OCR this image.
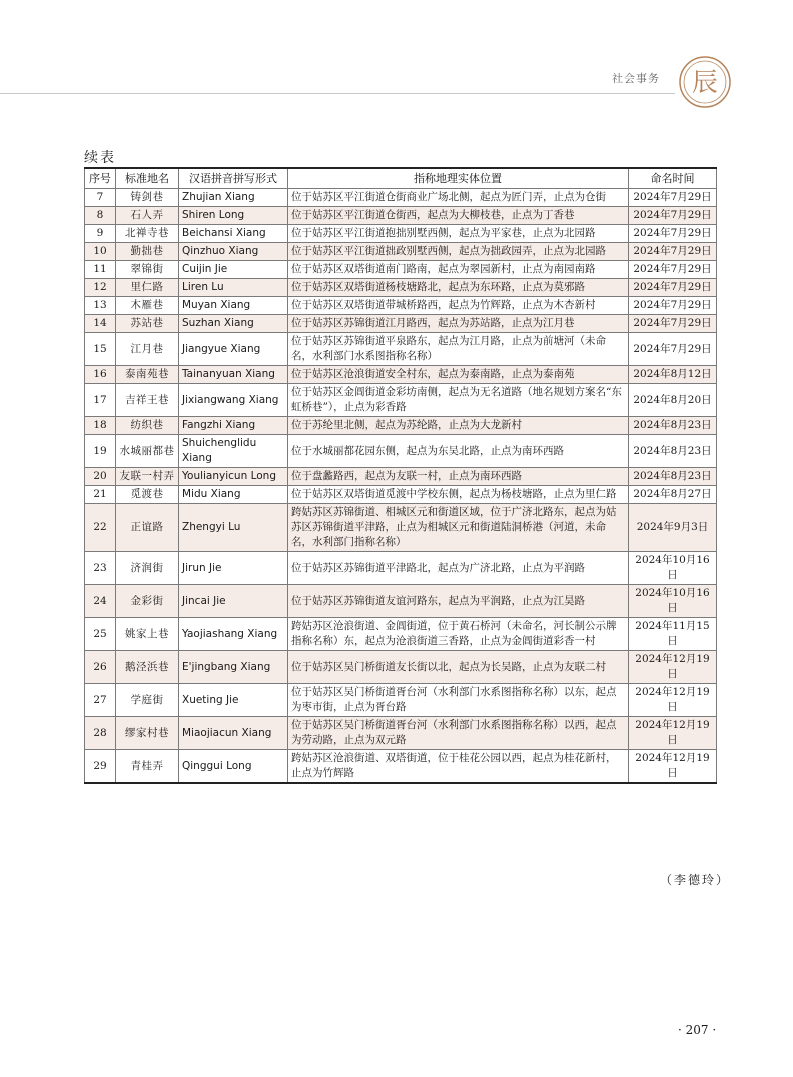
社会事务 辰
续表
序号	标准地名	汉语拼音拼写形式	指称地理实体位置	命名时间
7	铸剑巷	Zhujian Xiang	位于姑苏区平江街道仓街商业广场北侧，起点为匠门弄，止点为仓街	2024年7月29日
8	石人弄	Shiren Long	位于姑苏区平江街道仓街西，起点为大柳枝巷，止点为丁香巷	2024年7月29日
9	北禅寺巷	Beichansi Xiang	位于姑苏区平江街道抱拙别墅西侧，起点为平家巷，止点为北园路	2024年7月29日
10	勤拙巷	Qinzhuo Xiang	位于姑苏区平江街道拙政别墅西侧，起点为拙政园弄，止点为北园路	2024年7月29日
11	翠锦街	Cuijin Jie	位于姑苏区双塔街道南门路南，起点为翠园新村，止点为南园南路	2024年7月29日
12	里仁路	Liren Lu	位于姑苏区双塔街道杨枝塘路北，起点为东环路，止点为莫邪路	2024年7月29日
13	木雁巷	Muyan Xiang	位于姑苏区双塔街道带城桥路西，起点为竹辉路，止点为木杏新村	2024年7月29日
14	苏站巷	Suzhan Xiang	位于姑苏区苏锦街道江月路西，起点为苏站路，止点为江月巷	2024年7月29日
15	江月巷	Jiangyue Xiang	位于姑苏区苏锦街道平泉路东，起点为江月路，止点为前塘河（未命名，水利部门水系图指称名称）	2024年7月29日
16	泰南苑巷	Tainanyuan Xiang	位于姑苏区沧浪街道安全村东，起点为泰南路，止点为泰南苑	2024年8月12日
17	吉祥王巷	Jixiangwang Xiang	位于姑苏区金阊街道金彩坊南侧，起点为无名道路（地名规划方案名“东虹桥巷”），止点为彩香路	2024年8月20日
18	纺织巷	Fangzhi Xiang	位于苏纶里北侧，起点为苏纶路，止点为大龙新村	2024年8月23日
19	水城丽都巷	Shuichenglidu Xiang	位于水城丽都花园东侧，起点为东吴北路，止点为南环西路	2024年8月23日
20	友联一村弄	Youlianyicun Long	位于盘蠡路西，起点为友联一村，止点为南环西路	2024年8月23日
21	觅渡巷	Midu Xiang	位于姑苏区双塔街道觅渡中学校东侧，起点为杨枝塘路，止点为里仁路	2024年8月27日
22	正谊路	Zhengyi Lu	跨姑苏区苏锦街道、相城区元和街道区域，位于广济北路东，起点为姑苏区苏锦街道平津路，止点为相城区元和街道陆洞桥港（河道，未命名，水利部门指称名称）	2024年9月3日
23	济润街	Jirun Jie	位于姑苏区苏锦街道平津路北，起点为广济北路，止点为平润路	2024年10月16日
24	金彩街	Jincai Jie	位于姑苏区苏锦街道友谊河路东，起点为平润路，止点为江昊路	2024年10月16日
25	姚家上巷	Yaojiashang Xiang	跨姑苏区沧浪街道、金阊街道，位于黄石桥河（未命名，河长制公示牌指称名称）东，起点为沧浪街道三香路，止点为金阊街道彩香一村	2024年11月15日
26	鹅泾浜巷	E'jingbang Xiang	位于姑苏区吴门桥街道友长街以北，起点为长吴路，止点为友联二村	2024年12月19日
27	学庭街	Xueting Jie	位于姑苏区吴门桥街道胥台河（水利部门水系图指称名称）以东，起点为枣市街，止点为胥台路	2024年12月19日
28	缪家村巷	Miaojiacun Xiang	位于姑苏区吴门桥街道胥台河（水利部门水系图指称名称）以西，起点为劳动路，止点为双元路	2024年12月19日
29	青桂弄	Qinggui Long	跨姑苏区沧浪街道、双塔街道，位于桂花公园以西，起点为桂花新村，止点为竹辉路	2024年12月19日
（李德玲）
· 207 ·
